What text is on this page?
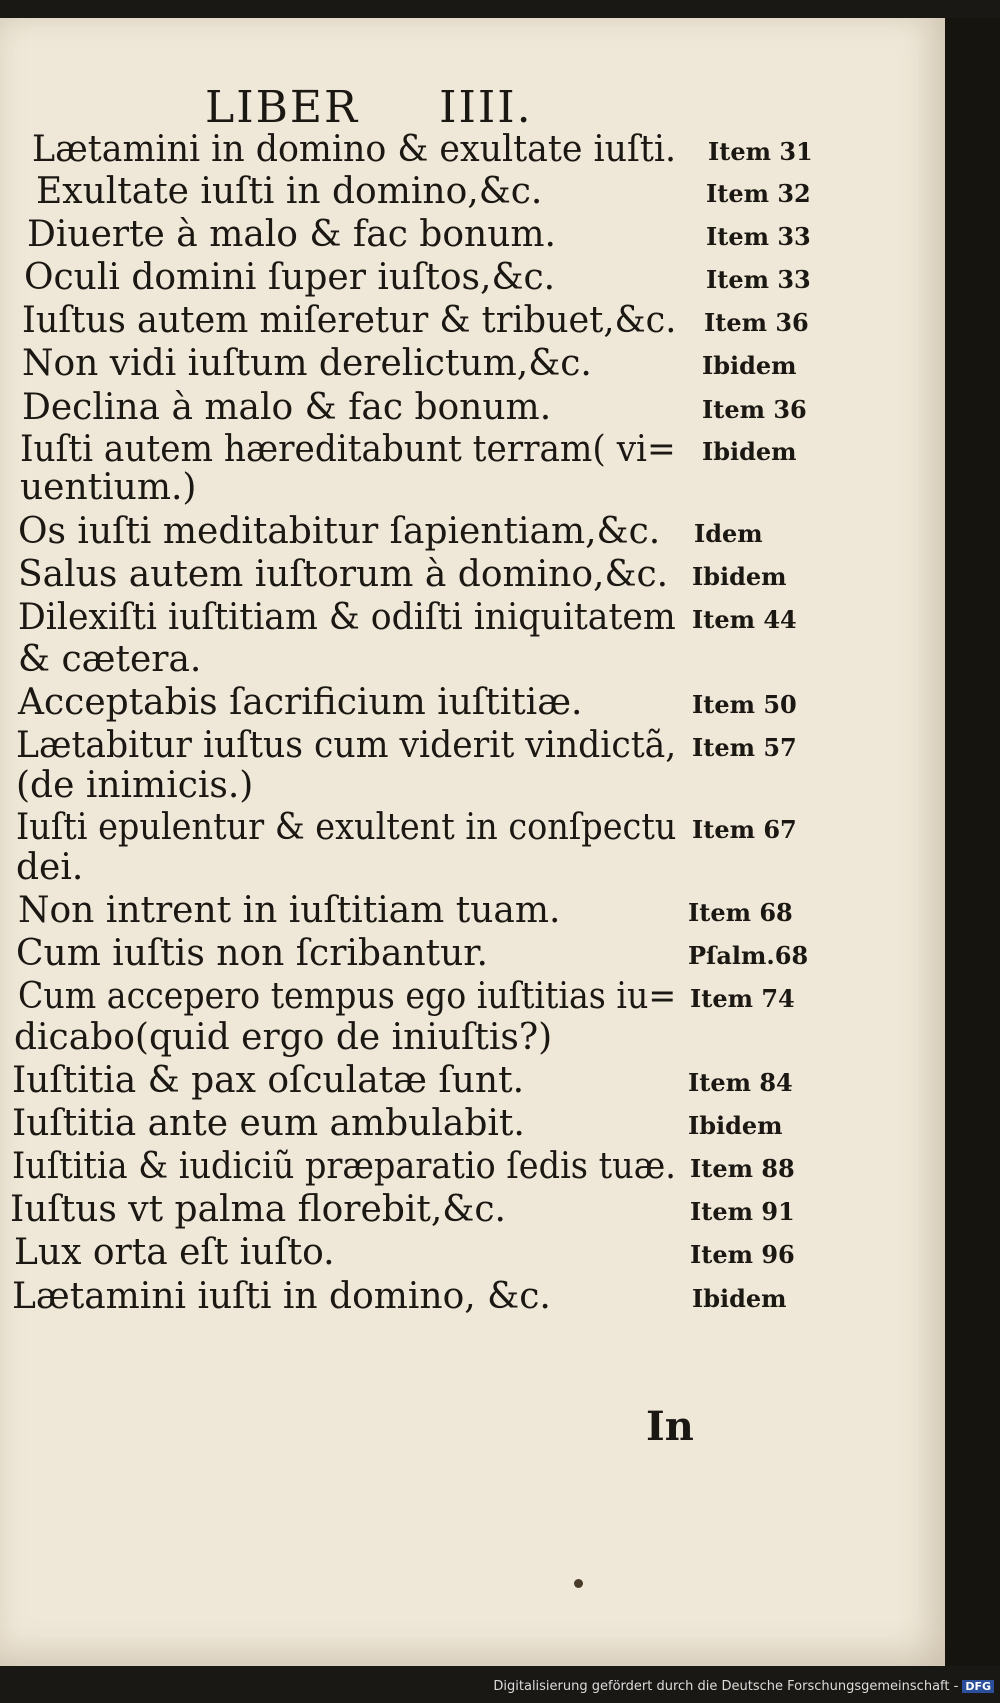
LIBER     IIII.
Lætamini in domino & exultate iuſti. Item 31
Exultate iuſti in domino,&c.	Item 32
Diuerte à malo & fac bonum.	Item 33
Oculi domini ſuper iuſtos,&c.	Item 33
Iuſtus autem miſeretur & tribuet,&c. Item 36
Non vidi iuſtum derelictum,&c.	Ibidem
Declina à malo & fac bonum.	Item 36
Iuſti autem hæreditabunt terram( vi= Ibidem
uentium.)
Os iuſti meditabitur ſapientiam,&c. Idem
Salus autem iuſtorum à domino,&c. Ibidem
Dilexiſti iuſtitiam & odiſti iniquitatem Item 44
& cætera.
Acceptabis ſacrificium iuſtitiæ.	Item 50
Lætabitur iuſtus cum viderit vindictã, Item 57
(de inimicis.)
Iuſti epulentur & exultent in conſpectu Item 67
dei.
Non intrent in iuſtitiam tuam.	Item 68
Cum iuſtis non ſcribantur.	Pſalm.68
Cum accepero tempus ego iuſtitias iu= Item 74
dicabo(quid ergo de iniuſtis?)
Iuſtitia & pax oſculatæ ſunt.	Item 84
Iuſtitia ante eum ambulabit.	Ibidem
Iuſtitia & iudiciũ præparatio ſedis tuæ. Item 88
Iuſtus vt palma florebit,&c.	Item 91
Lux orta eſt iuſto.	Item 96
Lætamini iuſti in domino, &c.	Ibidem
In
Digitalisierung gefördert durch die Deutsche Forschungsgemeinschaft - DFG
